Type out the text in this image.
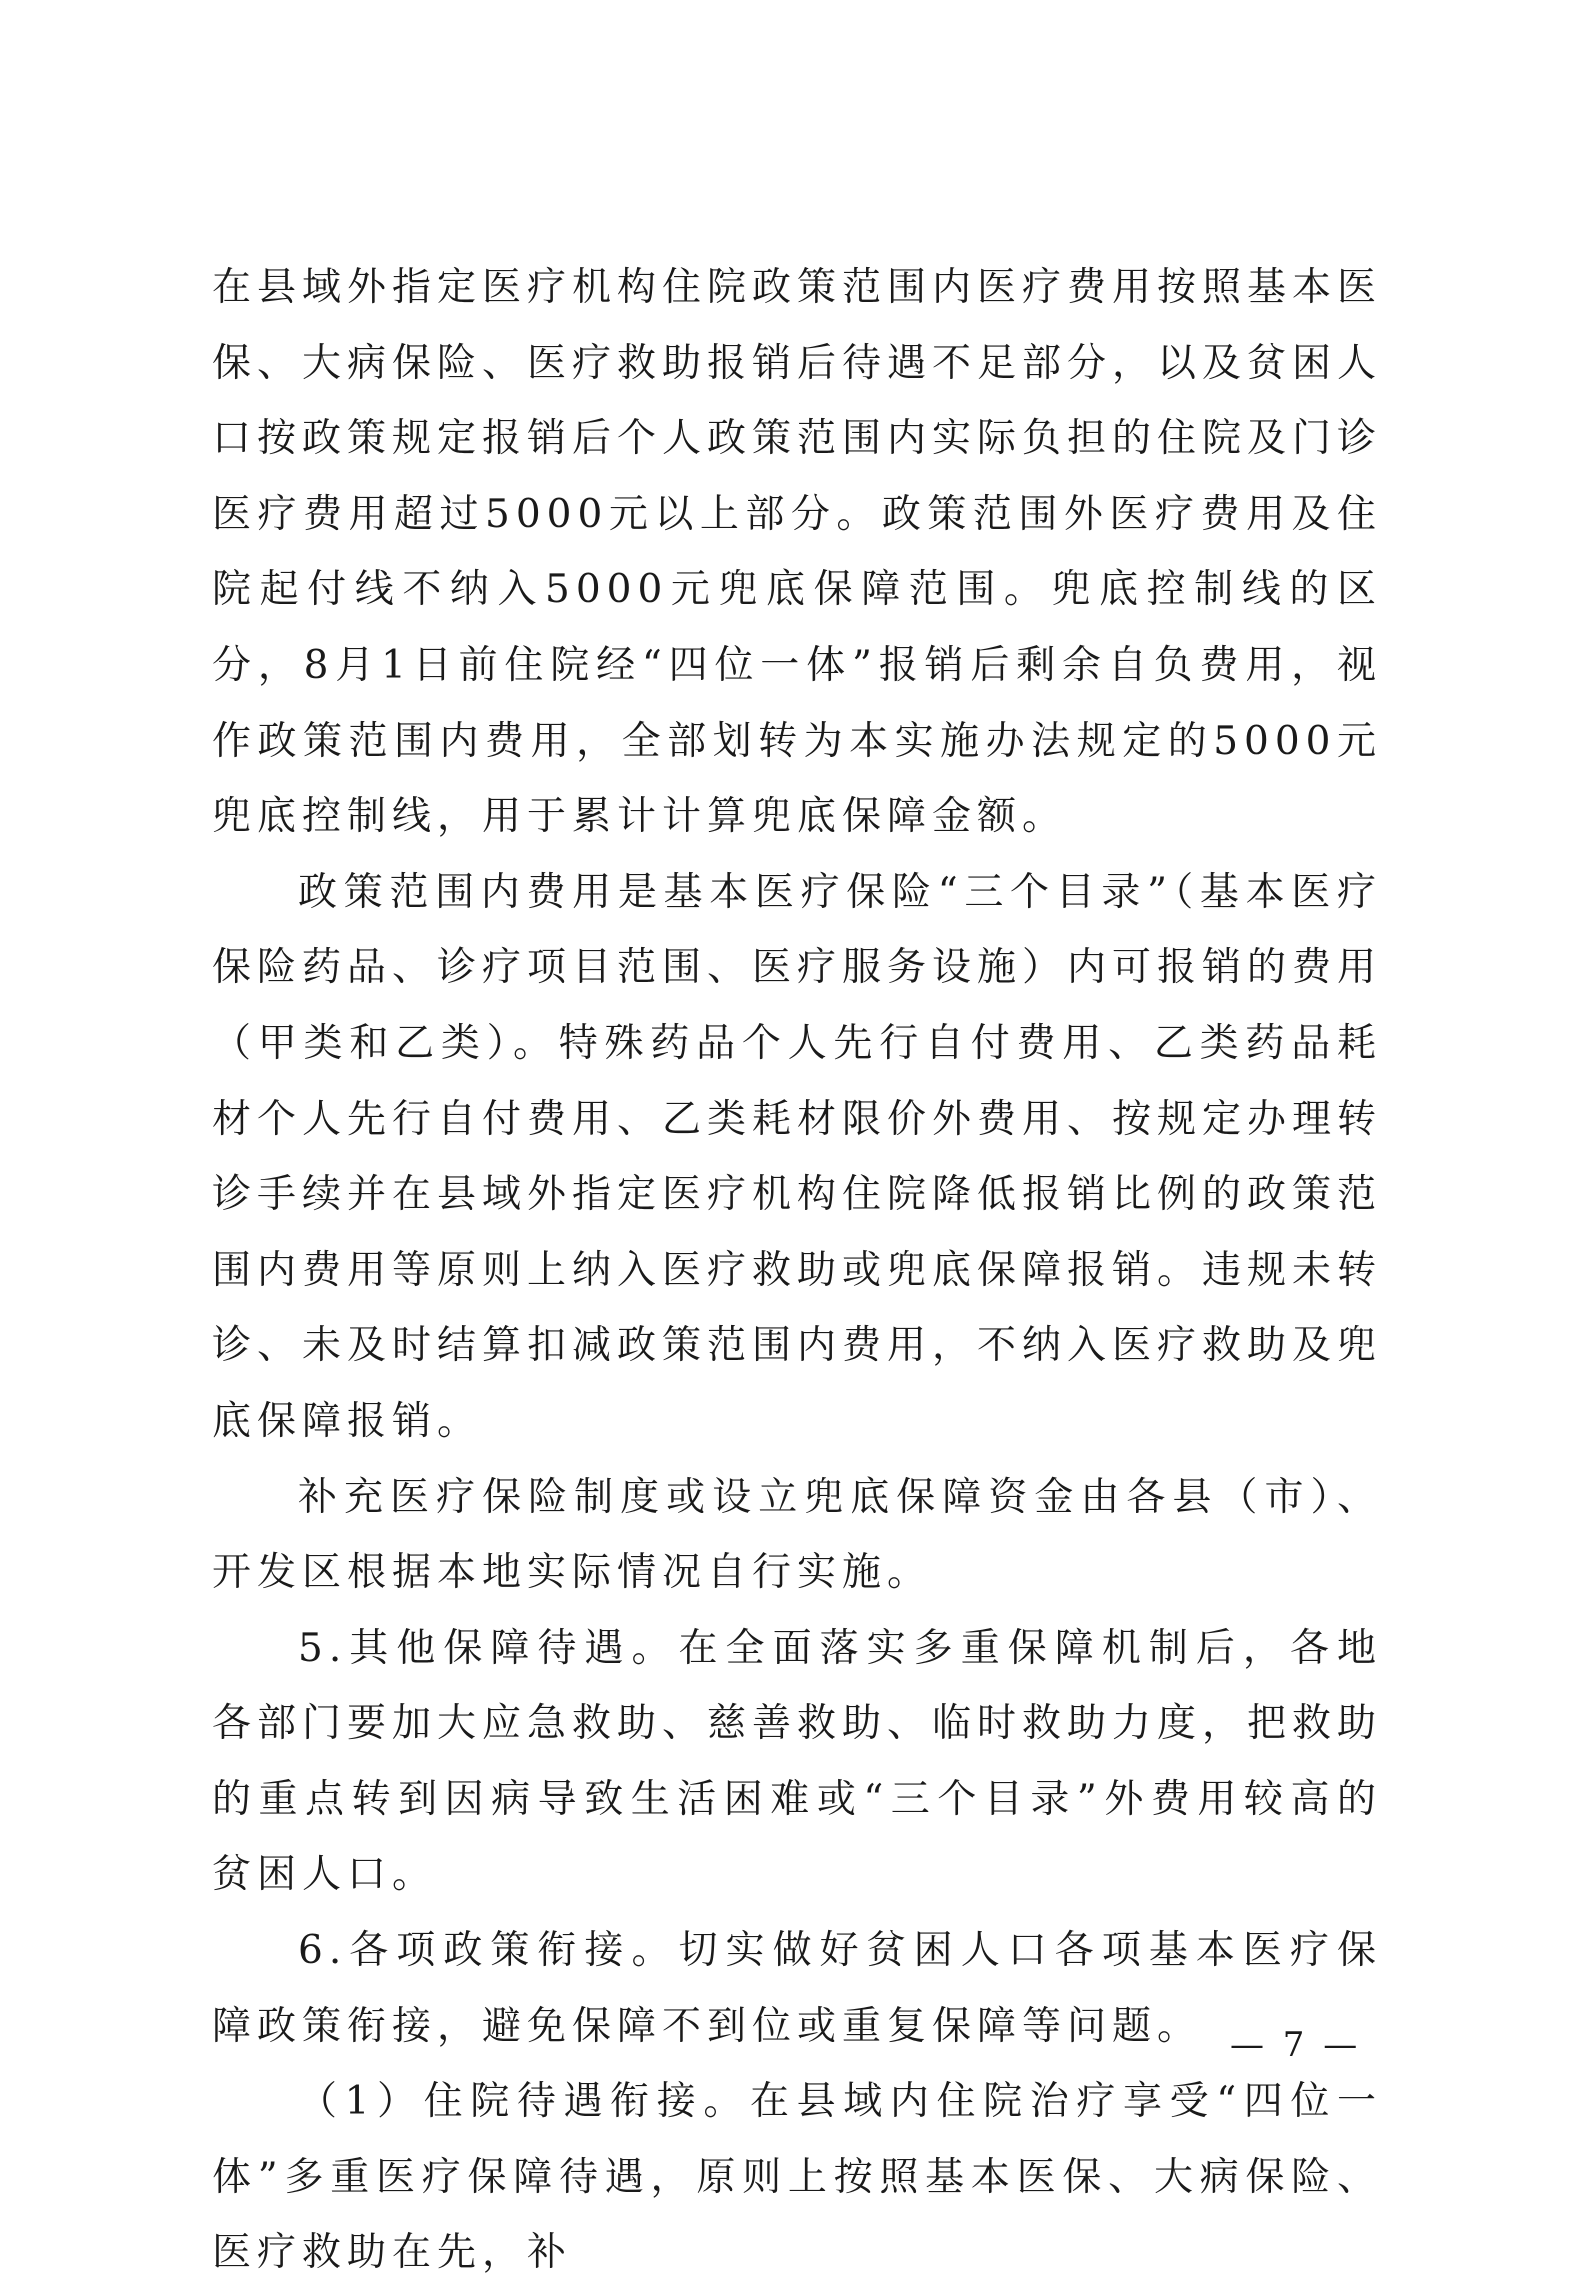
在县域外指定医疗机构住院政策范围内医疗费用按照基本医保、大病保险、医疗救助报销后待遇不足部分，以及贫困人口按政策规定报销后个人政策范围内实际负担的住院及门诊医疗费用超过5000元以上部分。政策范围外医疗费用及住院起付线不纳入5000元兜底保障范围。兜底控制线的区分，8月1日前住院经“四位一体”报销后剩余自负费用，视作政策范围内费用，全部划转为本实施办法规定的5000元兜底控制线，用于累计计算兜底保障金额。

政策范围内费用是基本医疗保险“三个目录”（基本医疗保险药品、诊疗项目范围、医疗服务设施）内可报销的费用（甲类和乙类）。特殊药品个人先行自付费用、乙类药品耗材个人先行自付费用、乙类耗材限价外费用、按规定办理转诊手续并在县域外指定医疗机构住院降低报销比例的政策范围内费用等原则上纳入医疗救助或兜底保障报销。违规未转诊、未及时结算扣减政策范围内费用，不纳入医疗救助及兜底保障报销。

补充医疗保险制度或设立兜底保障资金由各县（市）、开发区根据本地实际情况自行实施。

5.其他保障待遇。在全面落实多重保障机制后，各地各部门要加大应急救助、慈善救助、临时救助力度，把救助的重点转到因病导致生活困难或“三个目录”外费用较高的贫困人口。

6.各项政策衔接。切实做好贫困人口各项基本医疗保障政策衔接，避免保障不到位或重复保障等问题。

（1）住院待遇衔接。在县域内住院治疗享受“四位一体”多重医疗保障待遇，原则上按照基本医保、大病保险、医疗救助在先，补

— 7 —
